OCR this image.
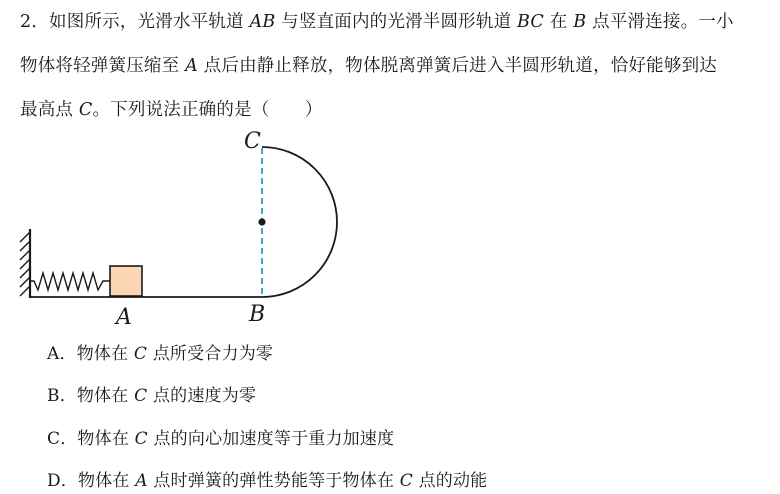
2．如图所示，光滑水平轨道 AB 与竖直面内的光滑半圆形轨道 BC 在 B 点平滑连接。一小
物体将轻弹簧压缩至 A 点后由静止释放，物体脱离弹簧后进入半圆形轨道，恰好能够到达
最高点 C。下列说法正确的是（　　）
C
A	B
A．物体在 C 点所受合力为零
B．物体在 C 点的速度为零
C．物体在 C 点的向心加速度等于重力加速度
D．物体在 A 点时弹簧的弹性势能等于物体在 C 点的动能
